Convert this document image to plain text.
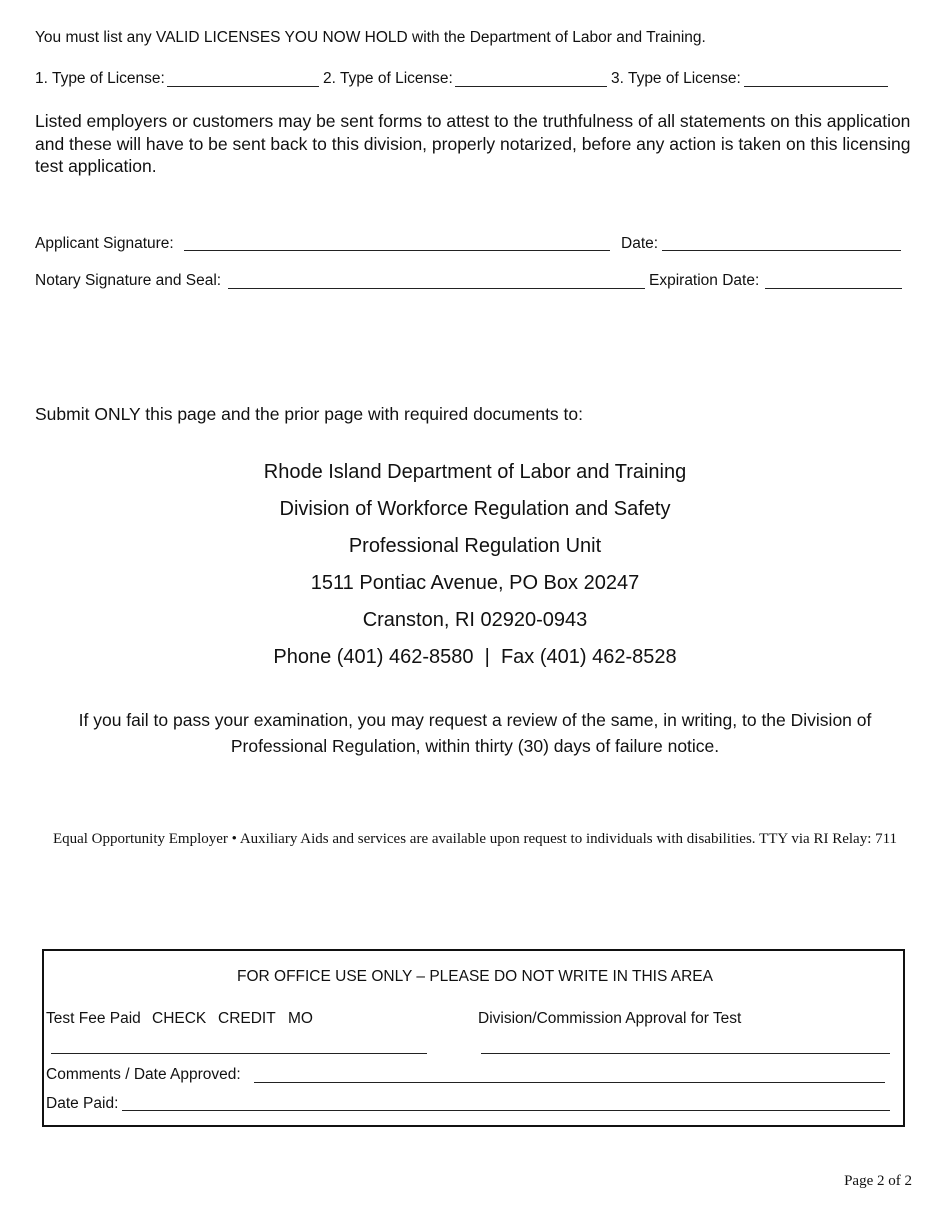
You must list any VALID LICENSES YOU NOW HOLD with the Department of Labor and Training.
1. Type of License:	2. Type of License:	3. Type of License:
Listed employers or customers may be sent forms to attest to the truthfulness of all statements on this application and these will have to be sent back to this division, properly notarized, before any action is taken on this licensing test application.
Applicant Signature:	Date:
Notary Signature and Seal:	Expiration Date:
Submit ONLY this page and the prior page with required documents to:
Rhode Island Department of Labor and Training
Division of Workforce Regulation and Safety
Professional Regulation Unit
1511 Pontiac Avenue, PO Box 20247
Cranston, RI 02920-0943
Phone (401) 462-8580  |  Fax (401) 462-8528
If you fail to pass your examination, you may request a review of the same, in writing, to the Division of
Professional Regulation, within thirty (30) days of failure notice.
Equal Opportunity Employer • Auxiliary Aids and services are available upon request to individuals with disabilities. TTY via RI Relay: 711
FOR OFFICE USE ONLY – PLEASE DO NOT WRITE IN THIS AREA
Test Fee Paid CHECK CREDIT MO	Division/Commission Approval for Test
Comments / Date Approved:
Date Paid:
Page 2 of 2
